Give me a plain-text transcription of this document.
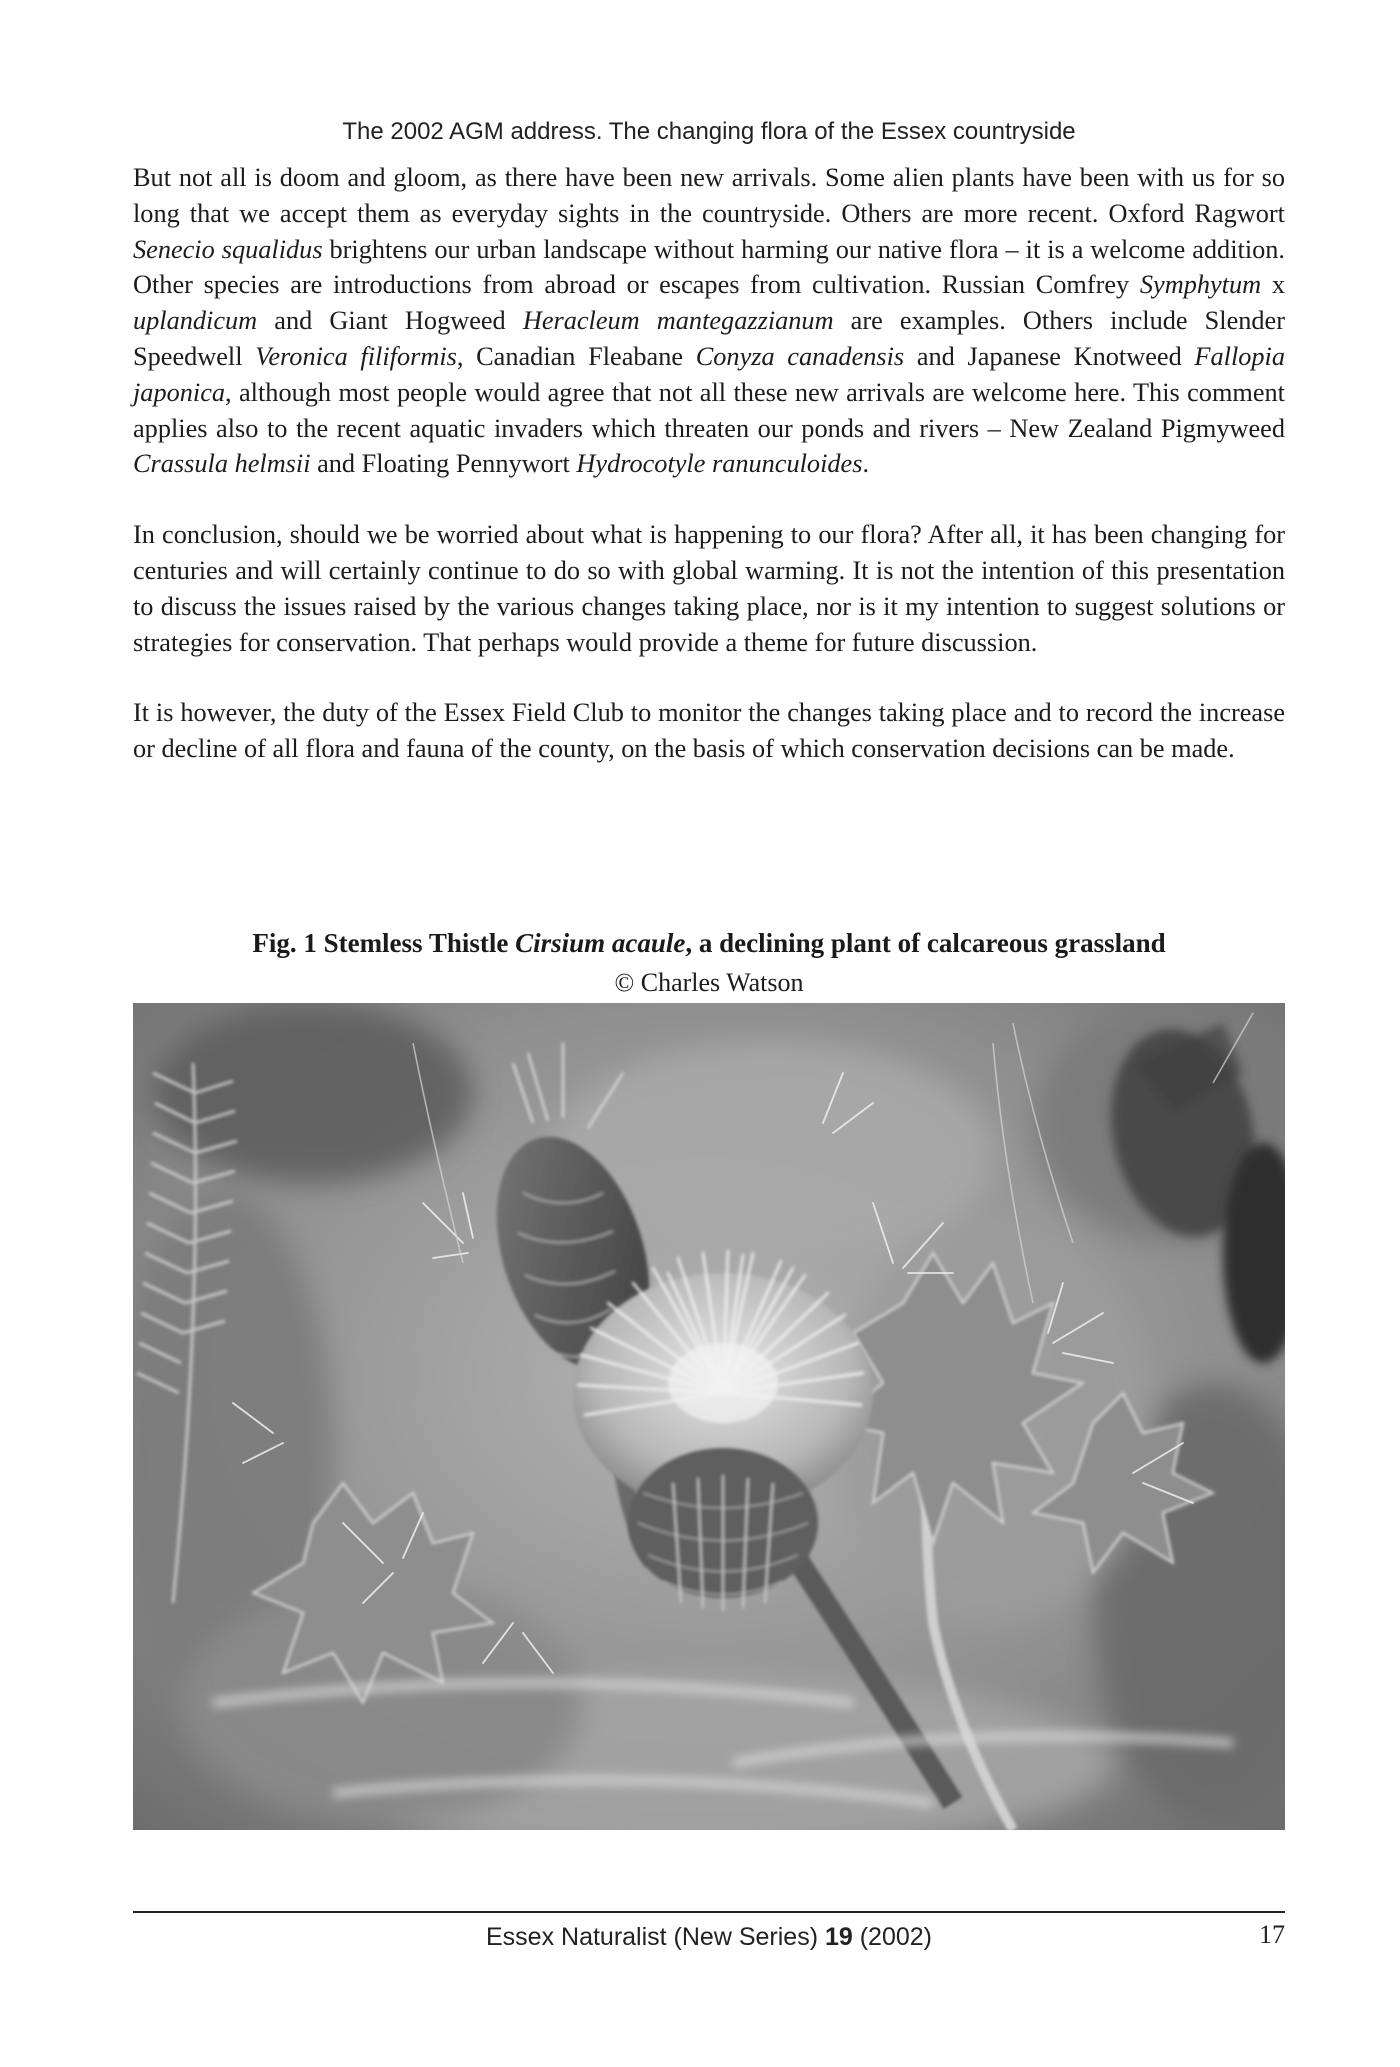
The 2002 AGM address. The changing flora of the Essex countryside

But not all is doom and gloom, as there have been new arrivals. Some alien plants have been with us for so long that we accept them as everyday sights in the countryside. Others are more recent. Oxford Ragwort Senecio squalidus brightens our urban landscape without harming our native flora – it is a welcome addition. Other species are introductions from abroad or escapes from cultivation. Russian Comfrey Symphytum x uplandicum and Giant Hogweed Heracleum mantegazzianum are examples. Others include Slender Speedwell Veronica filiformis, Canadian Fleabane Conyza canadensis and Japanese Knotweed Fallopia japonica, although most people would agree that not all these new arrivals are welcome here. This comment applies also to the recent aquatic invaders which threaten our ponds and rivers – New Zealand Pigmyweed Crassula helmsii and Floating Pennywort Hydrocotyle ranunculoides.

In conclusion, should we be worried about what is happening to our flora? After all, it has been changing for centuries and will certainly continue to do so with global warming. It is not the intention of this presentation to discuss the issues raised by the various changes taking place, nor is it my intention to suggest solutions or strategies for conservation. That perhaps would provide a theme for future discussion.

It is however, the duty of the Essex Field Club to monitor the changes taking place and to record the increase or decline of all flora and fauna of the county, on the basis of which conservation decisions can be made.

Fig. 1 Stemless Thistle Cirsium acaule, a declining plant of calcareous grassland
© Charles Watson
Essex Naturalist (New Series) 19 (2002)	17
